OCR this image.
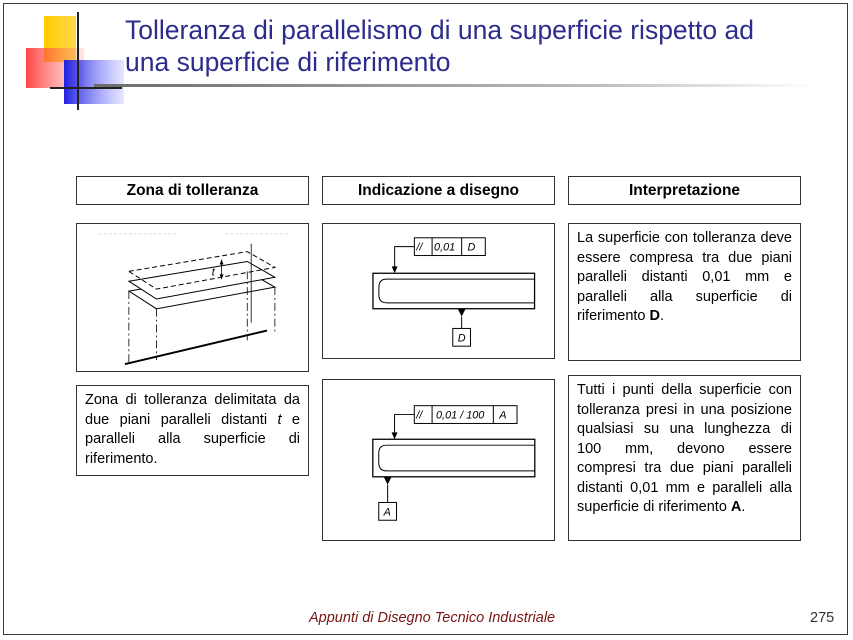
Tolleranza di parallelismo di una superficie rispetto ad
una superficie di riferimento
Zona di tolleranza	Indicazione a disegno	Interpretazione
t
Zona di tolleranza delimitata da due piani paralleli distanti t e paralleli alla superficie di riferimento.
// 0,01 D
D
// 0,01 / 100 A
A
La superficie con tolleranza deve essere compresa tra due piani paralleli distanti 0,01 mm e paralleli alla superficie di riferimento D.
Tutti i punti della superficie con tolleranza presi in una posizione qualsiasi su una lunghezza di 100 mm, devono essere compresi tra due piani paralleli distanti 0,01 mm e paralleli alla superficie di riferimento A.
Appunti di Disegno Tecnico Industriale	275
